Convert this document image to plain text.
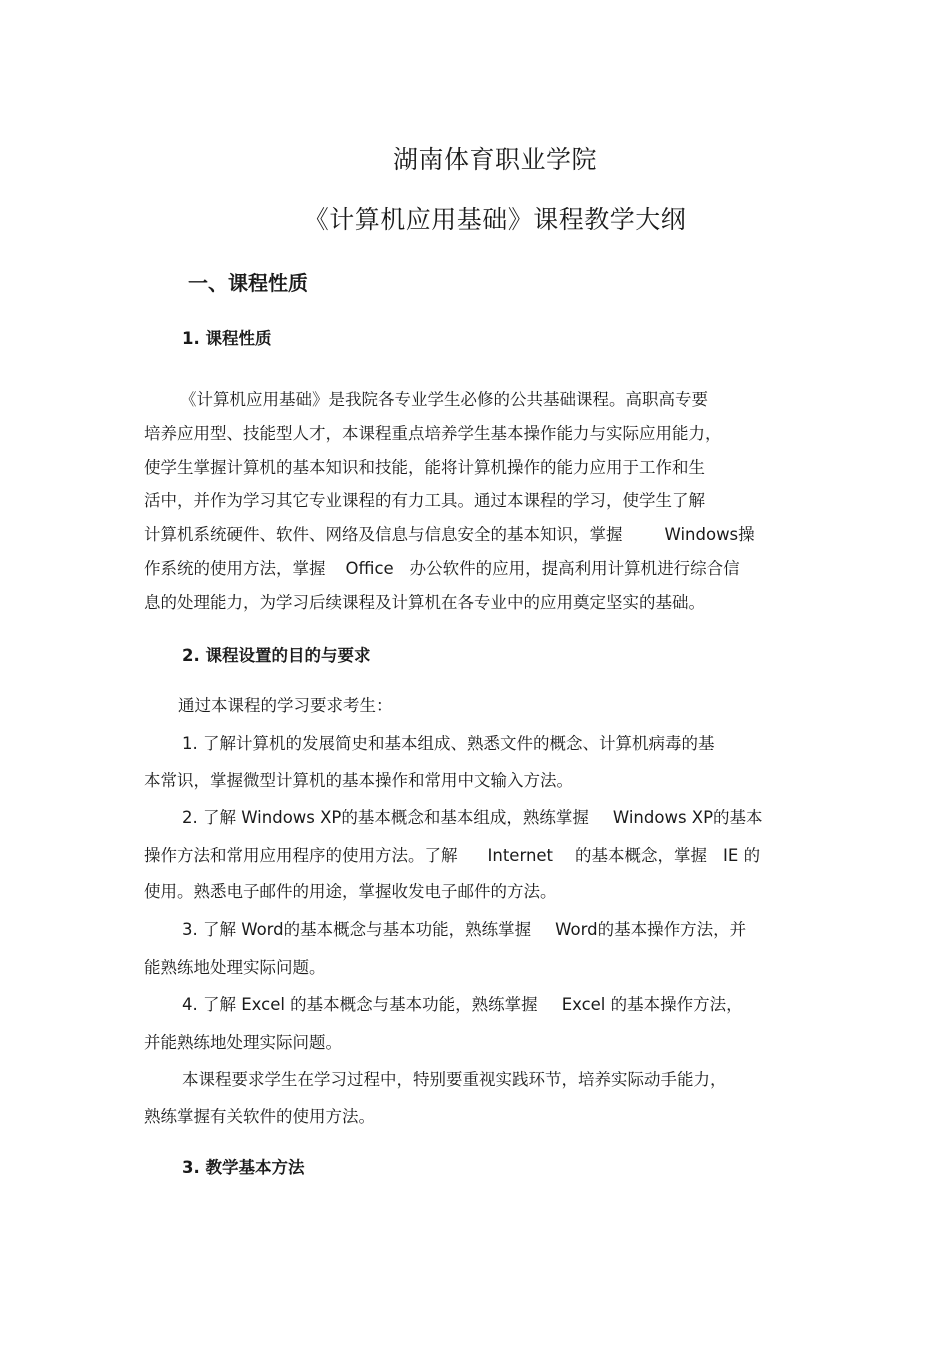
湖南体育职业学院
《计算机应用基础》课程教学大纲
一、课程性质
1. 课程性质

《计算机应用基础》是我院各专业学生必修的公共基础课程。高职高专要

培养应用型、技能型人才，本课程重点培养学生基本操作能力与实际应用能力，

使学生掌握计算机的基本知识和技能，能将计算机操作的能力应用于工作和生

活中，并作为学习其它专业课程的有力工具。通过本课程的学习，使学生了解

计算机系统硬件、软件、网络及信息与信息安全的基本知识，掌握	Windows操

作系统的使用方法，掌握 Office 办公软件的应用，提高利用计算机进行综合信

息的处理能力，为学习后续课程及计算机在各专业中的应用奠定坚实的基础。

2. 课程设置的目的与要求

通过本课程的学习要求考生：

1. 了解计算机的发展简史和基本组成、熟悉文件的概念、计算机病毒的基

本常识，掌握微型计算机的基本操作和常用中文输入方法。

2. 了解 Windows XP的基本概念和基本组成，熟练掌握 Windows XP的基本

操作方法和常用应用程序的使用方法。了解 Internet 的基本概念，掌握 IE 的

使用。熟悉电子邮件的用途，掌握收发电子邮件的方法。

3. 了解 Word的基本概念与基本功能，熟练掌握 Word的基本操作方法，并

能熟练地处理实际问题。

4. 了解 Excel 的基本概念与基本功能，熟练掌握 Excel 的基本操作方法，

并能熟练地处理实际问题。

本课程要求学生在学习过程中，特别要重视实践环节，培养实际动手能力，

熟练掌握有关软件的使用方法。

3. 教学基本方法
